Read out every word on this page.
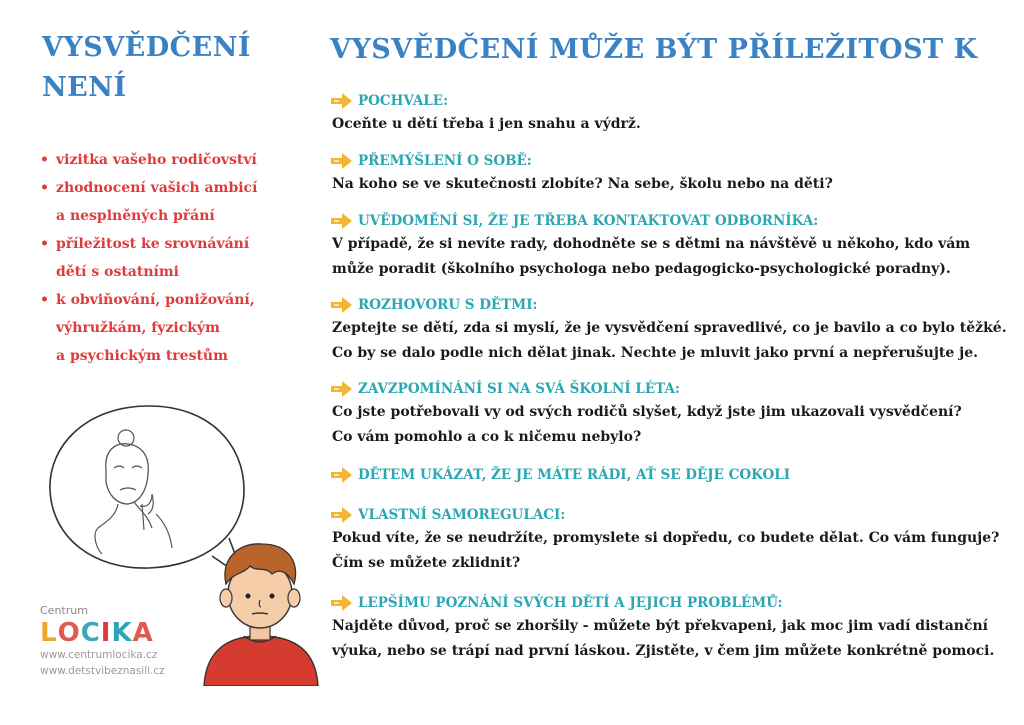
VYSVĚDČENÍ
NENÍ
• vizitka vašeho rodičovství
• zhodnocení vašich ambicí
a nesplněných přání
• příležitost ke srovnávání
dětí s ostatními
• k obviňování, ponižování,
výhružkám, fyzickým
a psychickým trestům
VYSVĚDČENÍ MŮŽE BÝT PŘÍLEŽITOST K
POCHVALE:
Oceňte u dětí třeba i jen snahu a výdrž.
PŘEMÝŠLENÍ O SOBĚ:
Na koho se ve skutečnosti zlobíte? Na sebe, školu nebo na děti?
UVĚDOMĚNÍ SI, ŽE JE TŘEBA KONTAKTOVAT ODBORNÍKA:
V případě, že si nevíte rady, dohodněte se s dětmi na návštěvě u někoho, kdo vám
může poradit (školního psychologa nebo pedagogicko-psychologické poradny).
ROZHOVORU S DĚTMI:
Zeptejte se dětí, zda si myslí, že je vysvědčení spravedlivé, co je bavilo a co bylo těžké.
Co by se dalo podle nich dělat jinak. Nechte je mluvit jako první a nepřerušujte je.
ZAVZPOMÍNÁNÍ SI NA SVÁ ŠKOLNÍ LÉTA:
Co jste potřebovali vy od svých rodičů slyšet, když jste jim ukazovali vysvědčení?
Co vám pomohlo a co k ničemu nebylo?
DĚTEM UKÁZAT, ŽE JE MÁTE RÁDI, AŤ SE DĚJE COKOLI
VLASTNÍ SAMOREGULACI:
Pokud víte, že se neudržíte, promyslete si dopředu, co budete dělat. Co vám funguje?
Čím se můžete zklidnit?
LEPŠÍMU POZNÁNÍ SVÝCH DĚTÍ A JEJICH PROBLÉMŮ:
Najděte důvod, proč se zhoršily - můžete být překvapeni, jak moc jim vadí distanční
výuka, nebo se trápí nad první láskou. Zjistěte, v čem jim můžete konkrétně pomoci.
Centrum
L O C I K A
www.centrumlocika.cz
www.detstvibeznasili.cz
